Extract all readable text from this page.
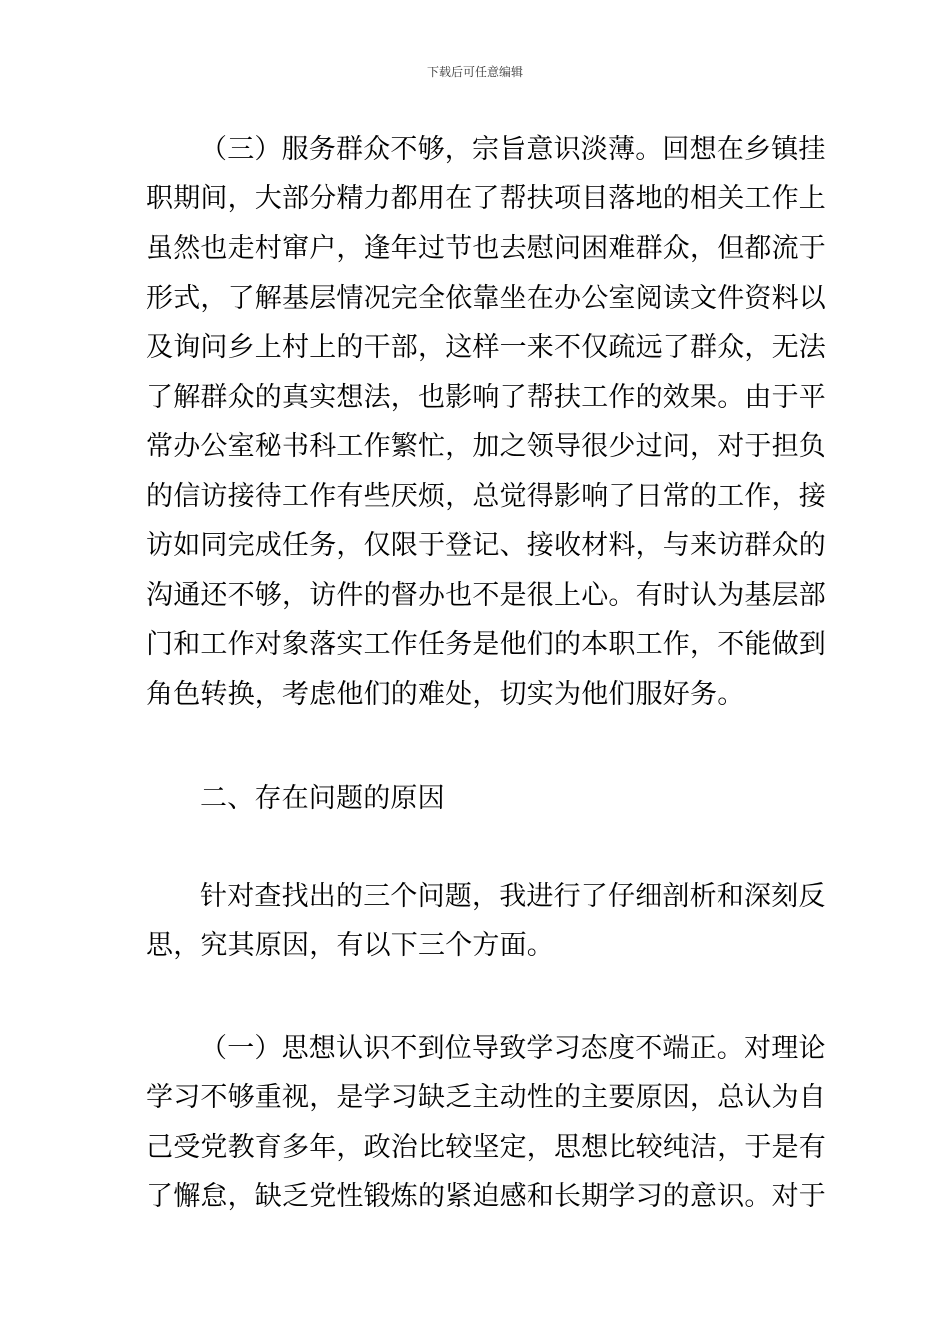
下载后可任意编辑
（三）服务群众不够，宗旨意识淡薄。回想在乡镇挂
职期间，大部分精力都用在了帮扶项目落地的相关工作上
虽然也走村窜户，逢年过节也去慰问困难群众，但都流于
形式，了解基层情况完全依靠坐在办公室阅读文件资料以
及询问乡上村上的干部，这样一来不仅疏远了群众，无法
了解群众的真实想法，也影响了帮扶工作的效果。由于平
常办公室秘书科工作繁忙，加之领导很少过问，对于担负
的信访接待工作有些厌烦，总觉得影响了日常的工作，接
访如同完成任务，仅限于登记、接收材料，与来访群众的
沟通还不够，访件的督办也不是很上心。有时认为基层部
门和工作对象落实工作任务是他们的本职工作，不能做到
角色转换，考虑他们的难处，切实为他们服好务。
二、存在问题的原因
针对查找出的三个问题，我进行了仔细剖析和深刻反
思，究其原因，有以下三个方面。
（一）思想认识不到位导致学习态度不端正。对理论
学习不够重视，是学习缺乏主动性的主要原因，总认为自
己受党教育多年，政治比较坚定，思想比较纯洁，于是有
了懈怠，缺乏党性锻炼的紧迫感和长期学习的意识。对于
